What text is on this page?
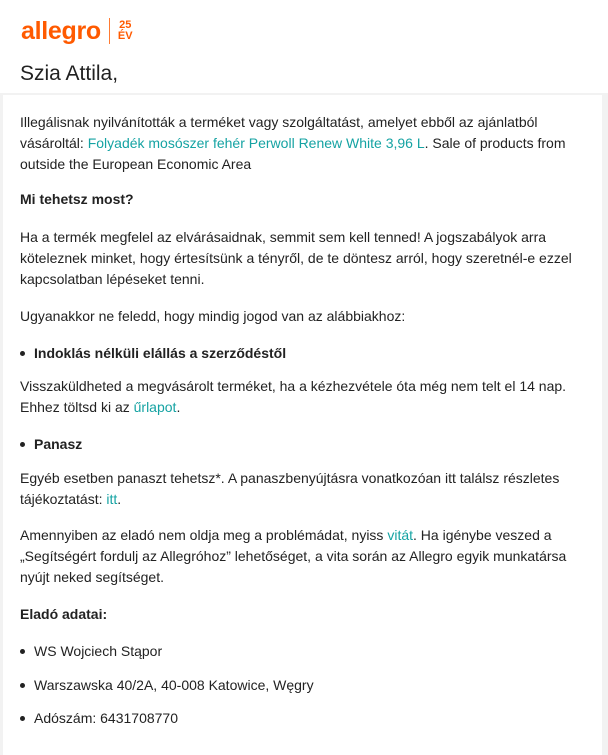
allegro 25
ÉV
Szia Attila,

Illegálisnak nyilvánították a terméket vagy szolgáltatást, amelyet ebből az ajánlatból vásároltál: Folyadék mosószer fehér Perwoll Renew White 3,96 L. Sale of products from outside the European Economic Area

Mi tehetsz most?

Ha a termék megfelel az elvárásaidnak, semmit sem kell tenned! A jogszabályok arra köteleznek minket, hogy értesítsünk a tényről, de te döntesz arról, hogy szeretnél-e ezzel kapcsolatban lépéseket tenni.

Ugyanakkor ne feledd, hogy mindig jogod van az alábbiakhoz:

Indoklás nélküli elállás a szerződéstől

Visszaküldheted a megvásárolt terméket, ha a kézhezvétele óta még nem telt el 14 nap. Ehhez töltsd ki az űrlapot.

Panasz

Egyéb esetben panaszt tehetsz*. A panaszbenyújtásra vonatkozóan itt találsz részletes tájékoztatást: itt.

Amennyiben az eladó nem oldja meg a problémádat, nyiss vitát. Ha igénybe veszed a „Segítségért fordulj az Allegróhoz” lehetőséget, a vita során az Allegro egyik munkatársa nyújt neked segítséget.

Eladó adatai:

WS Wojciech Stąpor
Warszawska 40/2A, 40-008 Katowice, Węgry
Adószám: 6431708770
